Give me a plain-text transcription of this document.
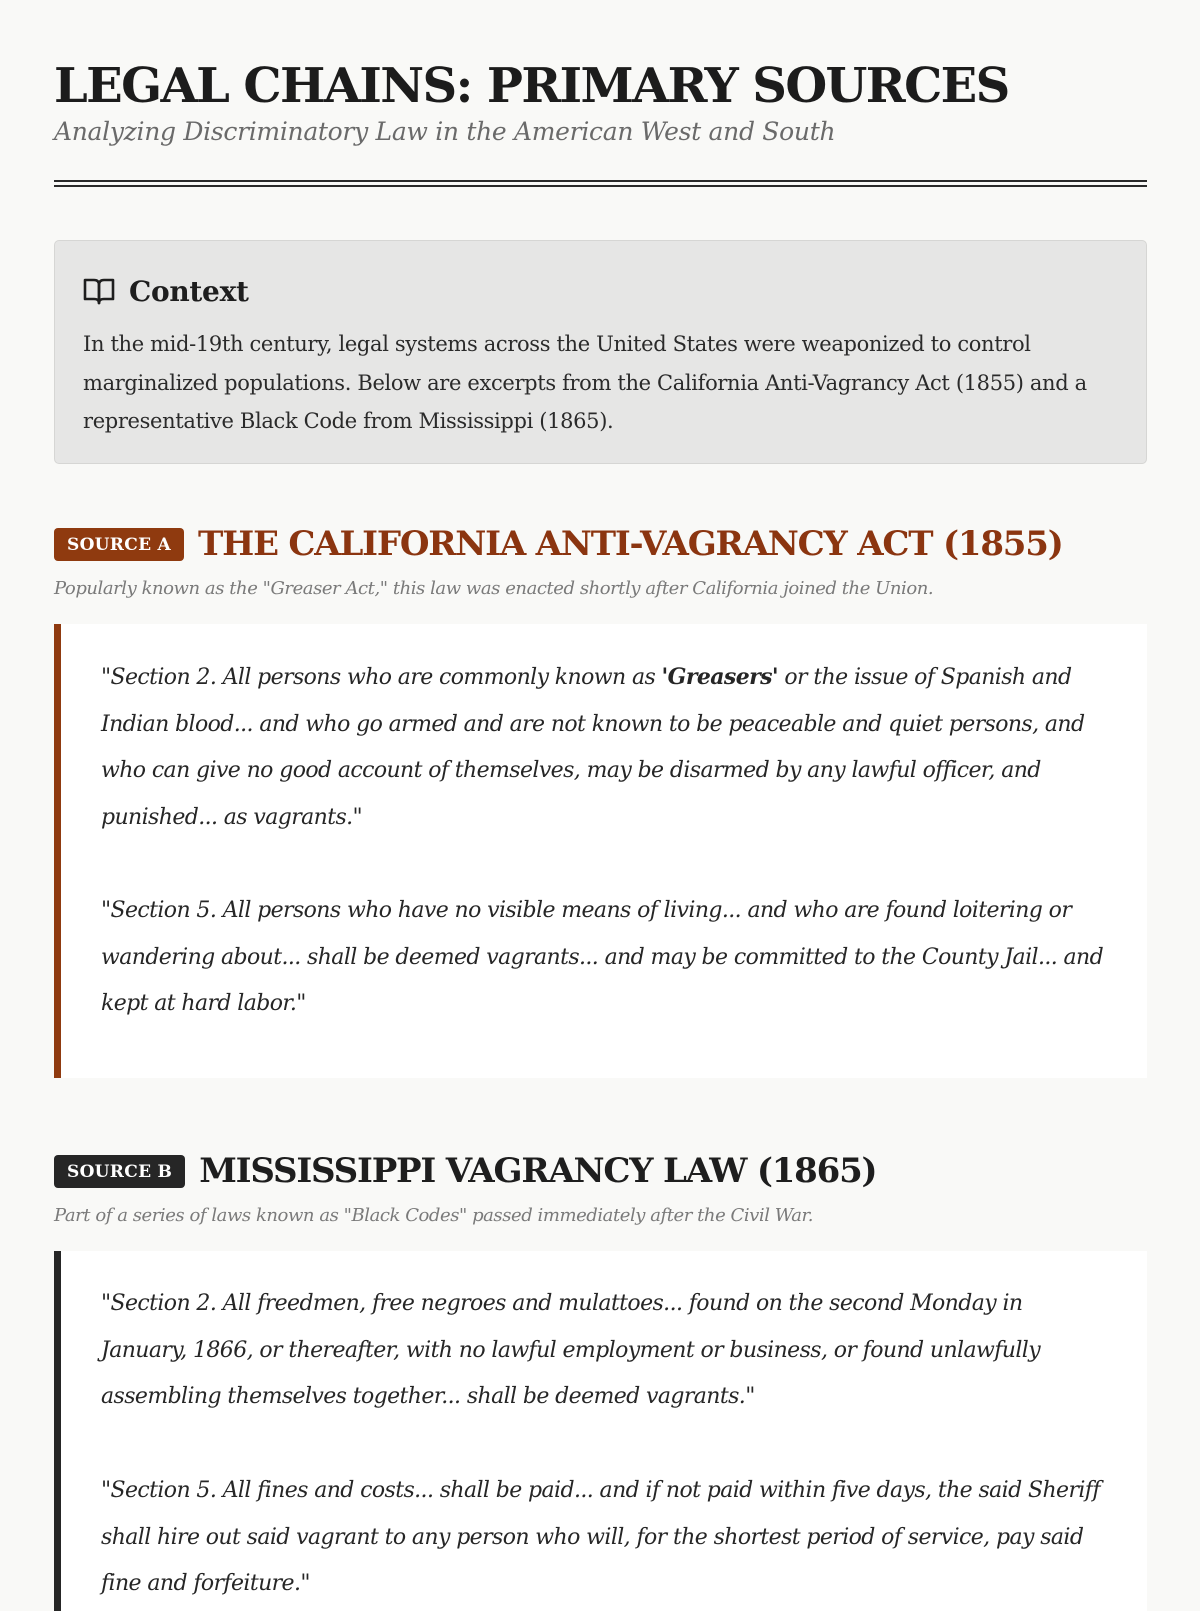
LEGAL CHAINS: PRIMARY SOURCES
Analyzing Discriminatory Law in the American West and South
Context

In the mid-19th century, legal systems across the United States were weaponized to control marginalized populations. Below are excerpts from the California Anti-Vagrancy Act (1855) and a representative Black Code from Mississippi (1865).

SOURCE A THE CALIFORNIA ANTI-VAGRANCY ACT (1855)
Popularly known as the "Greaser Act," this law was enacted shortly after California joined the Union.

"Section 2. All persons who are commonly known as 'Greasers' or the issue of Spanish and Indian blood... and who go armed and are not known to be peaceable and quiet persons, and who can give no good account of themselves, may be disarmed by any lawful officer, and punished... as vagrants."

"Section 5. All persons who have no visible means of living... and who are found loitering or wandering about... shall be deemed vagrants... and may be committed to the County Jail... and kept at hard labor."

SOURCE B MISSISSIPPI VAGRANCY LAW (1865)
Part of a series of laws known as "Black Codes" passed immediately after the Civil War.

"Section 2. All freedmen, free negroes and mulattoes... found on the second Monday in January, 1866, or thereafter, with no lawful employment or business, or found unlawfully assembling themselves together... shall be deemed vagrants."

"Section 5. All fines and costs... shall be paid... and if not paid within five days, the said Sheriff shall hire out said vagrant to any person who will, for the shortest period of service, pay said fine and forfeiture."
